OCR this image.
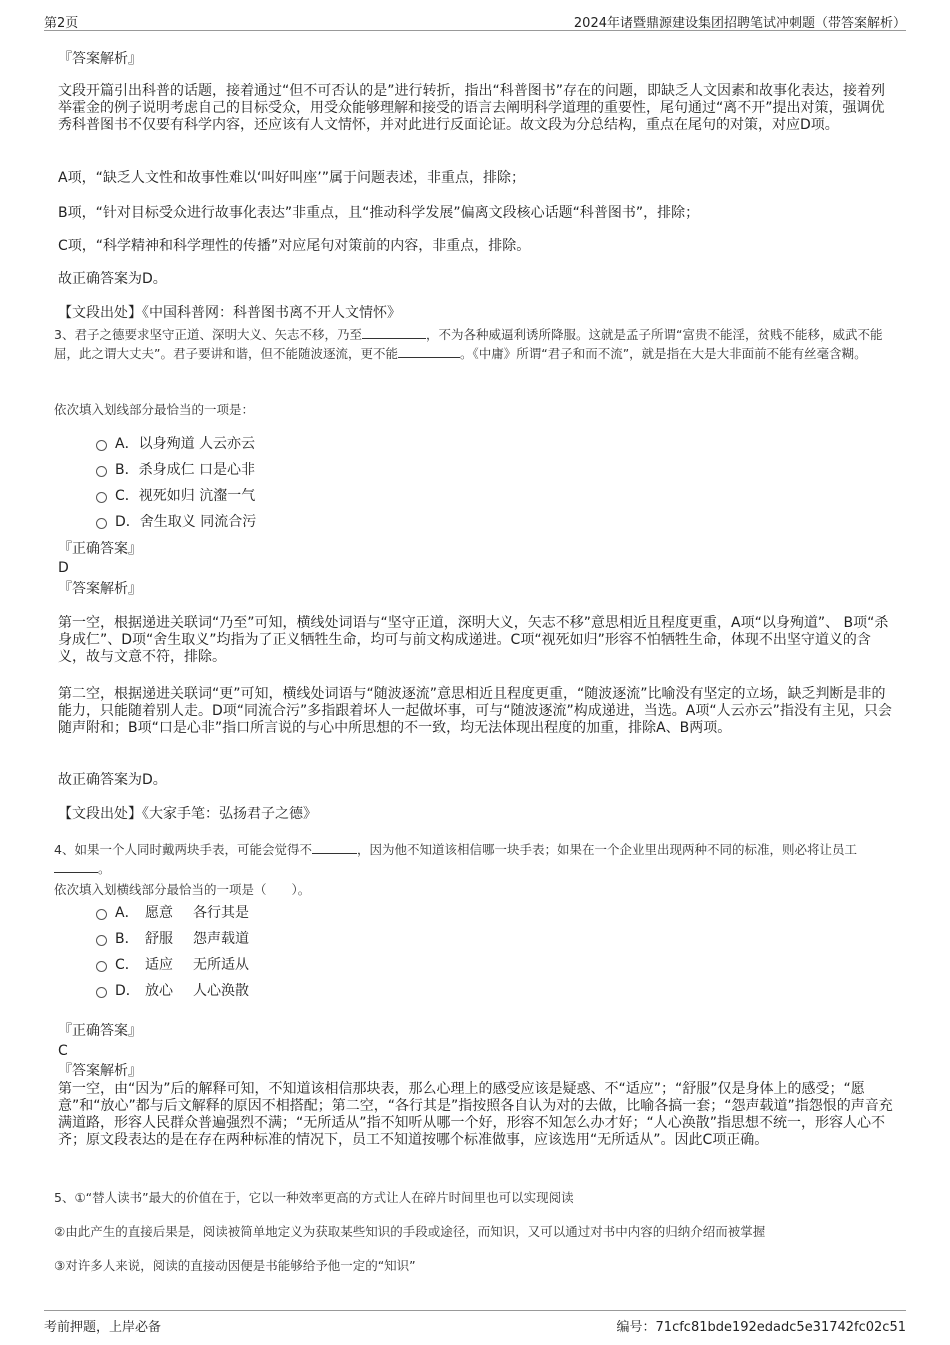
第2页	2024年诸暨鼎源建设集团招聘笔试冲刺题（带答案解析）
『答案解析』

文段开篇引出科普的话题，接着通过“但不可否认的是”进行转折，指出“科普图书”存在的问题，即缺乏人文因素和故事化表达，接着列举霍金的例子说明考虑自己的目标受众，用受众能够理解和接受的语言去阐明科学道理的重要性，尾句通过“离不开”提出对策，强调优秀科普图书不仅要有科学内容，还应该有人文情怀，并对此进行反面论证。故文段为分总结构，重点在尾句的对策，对应D项。

A项，“缺乏人文性和故事性难以‘叫好叫座’”属于问题表述，非重点，排除；

B项，“针对目标受众进行故事化表达”非重点，且“推动科学发展”偏离文段核心话题“科普图书”，排除；

C项，“科学精神和科学理性的传播”对应尾句对策前的内容，非重点，排除。

故正确答案为D。

【文段出处】《中国科普网：科普图书离不开人文情怀》

3、君子之德要求坚守正道、深明大义、矢志不移，乃至	，不为各种威逼利诱所降服。这就是孟子所谓“富贵不能淫，贫贱不能移，威武不能屈，此之谓大丈夫”。君子要讲和谐，但不能随波逐流，更不能	。《中庸》所谓“君子和而不流”，就是指在大是大非面前不能有丝毫含糊。

依次填入划线部分最恰当的一项是：

A．以身殉道 人云亦云
B．杀身成仁 口是心非
C．视死如归 沆瀣一气
D．舍生取义 同流合污
『正确答案』
D
『答案解析』

第一空，根据递进关联词“乃至”可知，横线处词语与“坚守正道，深明大义，矢志不移”意思相近且程度更重，A项“以身殉道”、 B项“杀身成仁”、D项“舍生取义”均指为了正义牺牲生命，均可与前文构成递进。C项“视死如归”形容不怕牺牲生命，体现不出坚守道义的含义，故与文意不符，排除。

第二空，根据递进关联词“更”可知，横线处词语与“随波逐流”意思相近且程度更重，“随波逐流”比喻没有坚定的立场，缺乏判断是非的能力，只能随着别人走。D项“同流合污”多指跟着坏人一起做坏事，可与“随波逐流”构成递进，当选。A项“人云亦云”指没有主见，只会随声附和；B项“口是心非”指口所言说的与心中所思想的不一致，均无法体现出程度的加重，排除A、B两项。

故正确答案为D。

【文段出处】《大家手笔：弘扬君子之德》

4、如果一个人同时戴两块手表，可能会觉得不	，因为他不知道该相信哪一块手表；如果在一个企业里出现两种不同的标准，则必将让员工。

依次填入划横线部分最恰当的一项是（　　）。

A． 愿意 各行其是
B． 舒服 怨声载道
C． 适应 无所适从
D． 放心 人心涣散
『正确答案』
C
『答案解析』

第一空，由“因为”后的解释可知，不知道该相信那块表，那么心理上的感受应该是疑惑、不“适应”；“舒服”仅是身体上的感受；“愿意”和“放心”都与后文解释的原因不相搭配；第二空，“各行其是”指按照各自认为对的去做，比喻各搞一套；“怨声载道”指怨恨的声音充满道路，形容人民群众普遍强烈不满；“无所适从”指不知听从哪一个好，形容不知怎么办才好；“人心涣散”指思想不统一，形容人心不齐；原文段表达的是在存在两种标准的情况下，员工不知道按哪个标准做事，应该选用“无所适从”。因此C项正确。

5、①“替人读书”最大的价值在于，它以一种效率更高的方式让人在碎片时间里也可以实现阅读

②由此产生的直接后果是，阅读被简单地定义为获取某些知识的手段或途径，而知识，又可以通过对书中内容的归纳介绍而被掌握

③对许多人来说，阅读的直接动因便是书能够给予他一定的“知识”

考前押题，上岸必备	编号：71cfc81bde192edadc5e31742fc02c51
